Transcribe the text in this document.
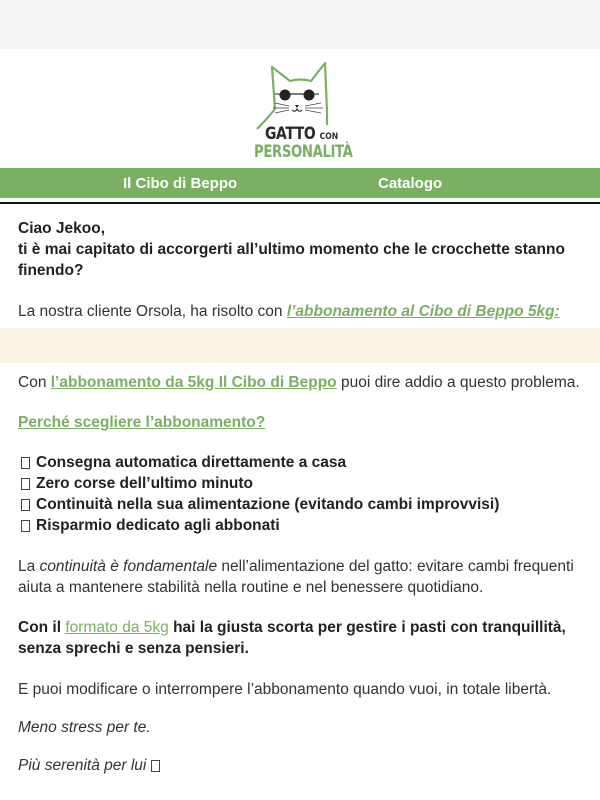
GATTO CON
PERSONALITÀ
Il Cibo di Beppo	Catalogo
Ciao Jekoo,
ti è mai capitato di accorgerti all’ultimo momento che le crocchette stanno finendo?

La nostra cliente Orsola, ha risolto con l’abbonamento al Cibo di Beppo 5kg:

Con l’abbonamento da 5kg Il Cibo di Beppo puoi dire addio a questo problema.

Perché scegliere l’abbonamento?

Consegna automatica direttamente a casa
Zero corse dell’ultimo minuto
Continuità nella sua alimentazione (evitando cambi improvvisi)
Risparmio dedicato agli abbonati

La continuità è fondamentale nell’alimentazione del gatto: evitare cambi frequenti aiuta a mantenere stabilità nella routine e nel benessere quotidiano.

Con il formato da 5kg hai la giusta scorta per gestire i pasti con tranquillità, senza sprechi e senza pensieri.

E puoi modificare o interrompere l’abbonamento quando vuoi, in totale libertà.

Meno stress per te.

Più serenità per lui
